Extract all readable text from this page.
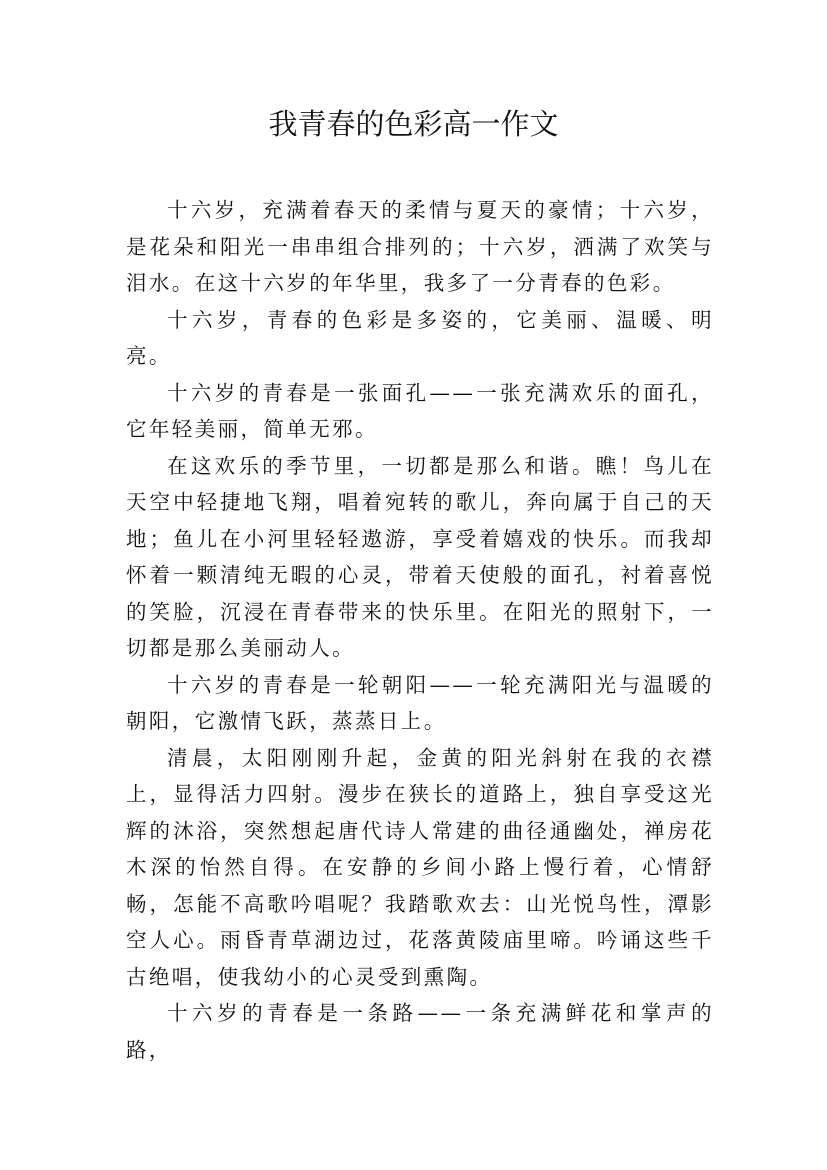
我青春的色彩高一作文

十六岁，充满着春天的柔情与夏天的豪情；十六岁，是花朵和阳光一串串组合排列的；十六岁，洒满了欢笑与泪水。在这十六岁的年华里，我多了一分青春的色彩。

十六岁，青春的色彩是多姿的，它美丽、温暖、明亮。

十六岁的青春是一张面孔——一张充满欢乐的面孔，它年轻美丽，简单无邪。

在这欢乐的季节里，一切都是那么和谐。瞧！鸟儿在天空中轻捷地飞翔，唱着宛转的歌儿，奔向属于自己的天地；鱼儿在小河里轻轻遨游，享受着嬉戏的快乐。而我却怀着一颗清纯无暇的心灵，带着天使般的面孔，衬着喜悦的笑脸，沉浸在青春带来的快乐里。在阳光的照射下，一切都是那么美丽动人。

十六岁的青春是一轮朝阳——一轮充满阳光与温暖的朝阳，它激情飞跃，蒸蒸日上。

清晨，太阳刚刚升起，金黄的阳光斜射在我的衣襟上，显得活力四射。漫步在狭长的道路上，独自享受这光辉的沐浴，突然想起唐代诗人常建的曲径通幽处，禅房花木深的怡然自得。在安静的乡间小路上慢行着，心情舒畅，怎能不高歌吟唱呢？我踏歌欢去：山光悦鸟性，潭影空人心。雨昏青草湖边过，花落黄陵庙里啼。吟诵这些千古绝唱，使我幼小的心灵受到熏陶。

十六岁的青春是一条路——一条充满鲜花和掌声的路，
